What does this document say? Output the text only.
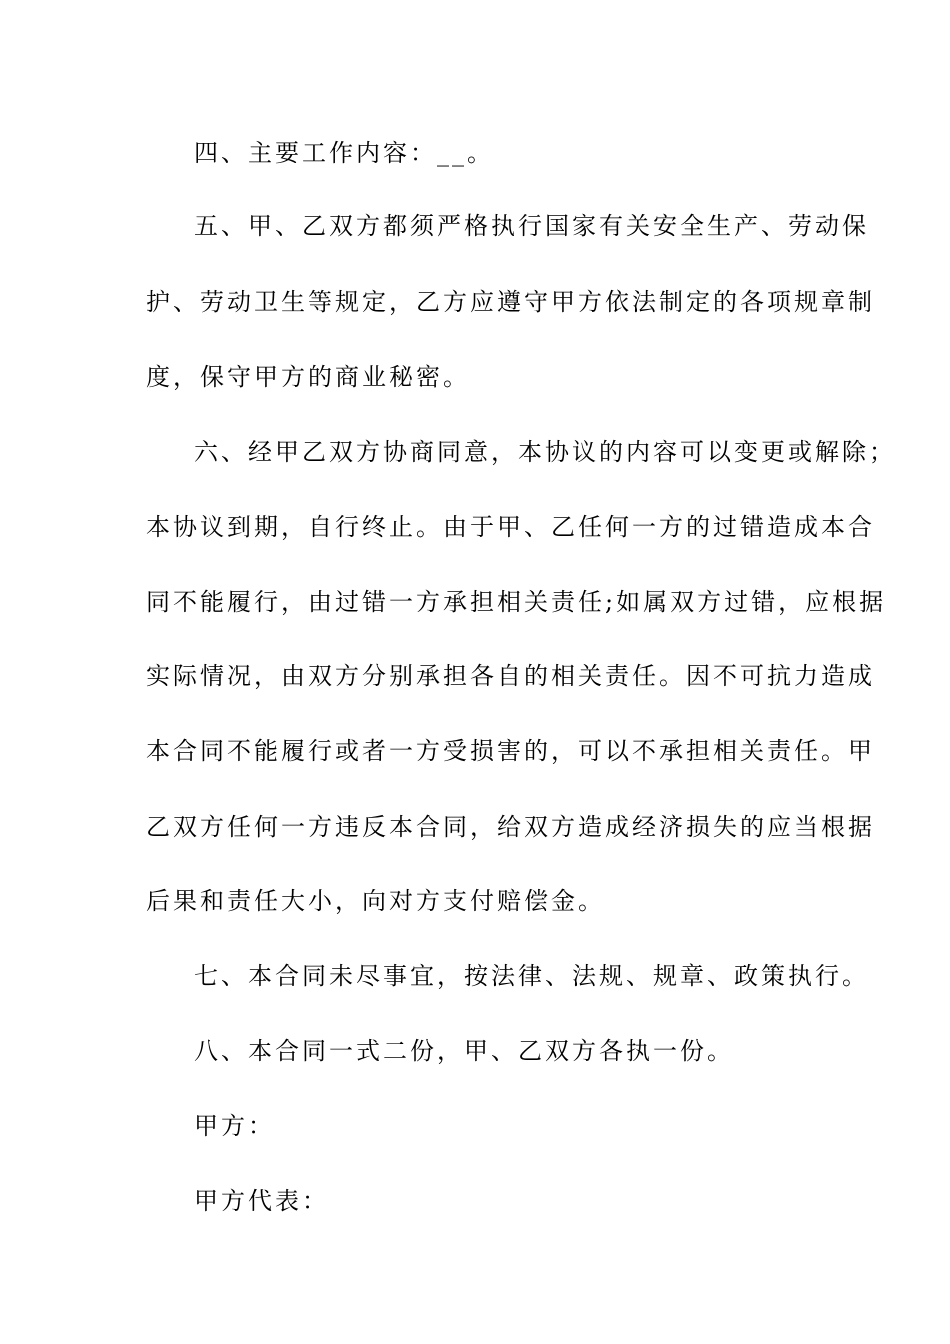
四、主要工作内容：__。
五、甲、乙双方都须严格执行国家有关安全生产、劳动保
护、劳动卫生等规定，乙方应遵守甲方依法制定的各项规章制
度，保守甲方的商业秘密。
六、经甲乙双方协商同意，本协议的内容可以变更或解除；
本协议到期，自行终止。由于甲、乙任何一方的过错造成本合
同不能履行，由过错一方承担相关责任;如属双方过错，应根据
实际情况，由双方分别承担各自的相关责任。因不可抗力造成
本合同不能履行或者一方受损害的，可以不承担相关责任。甲
乙双方任何一方违反本合同，给双方造成经济损失的应当根据
后果和责任大小，向对方支付赔偿金。
七、本合同未尽事宜，按法律、法规、规章、政策执行。
八、本合同一式二份，甲、乙双方各执一份。
甲方：
甲方代表：
